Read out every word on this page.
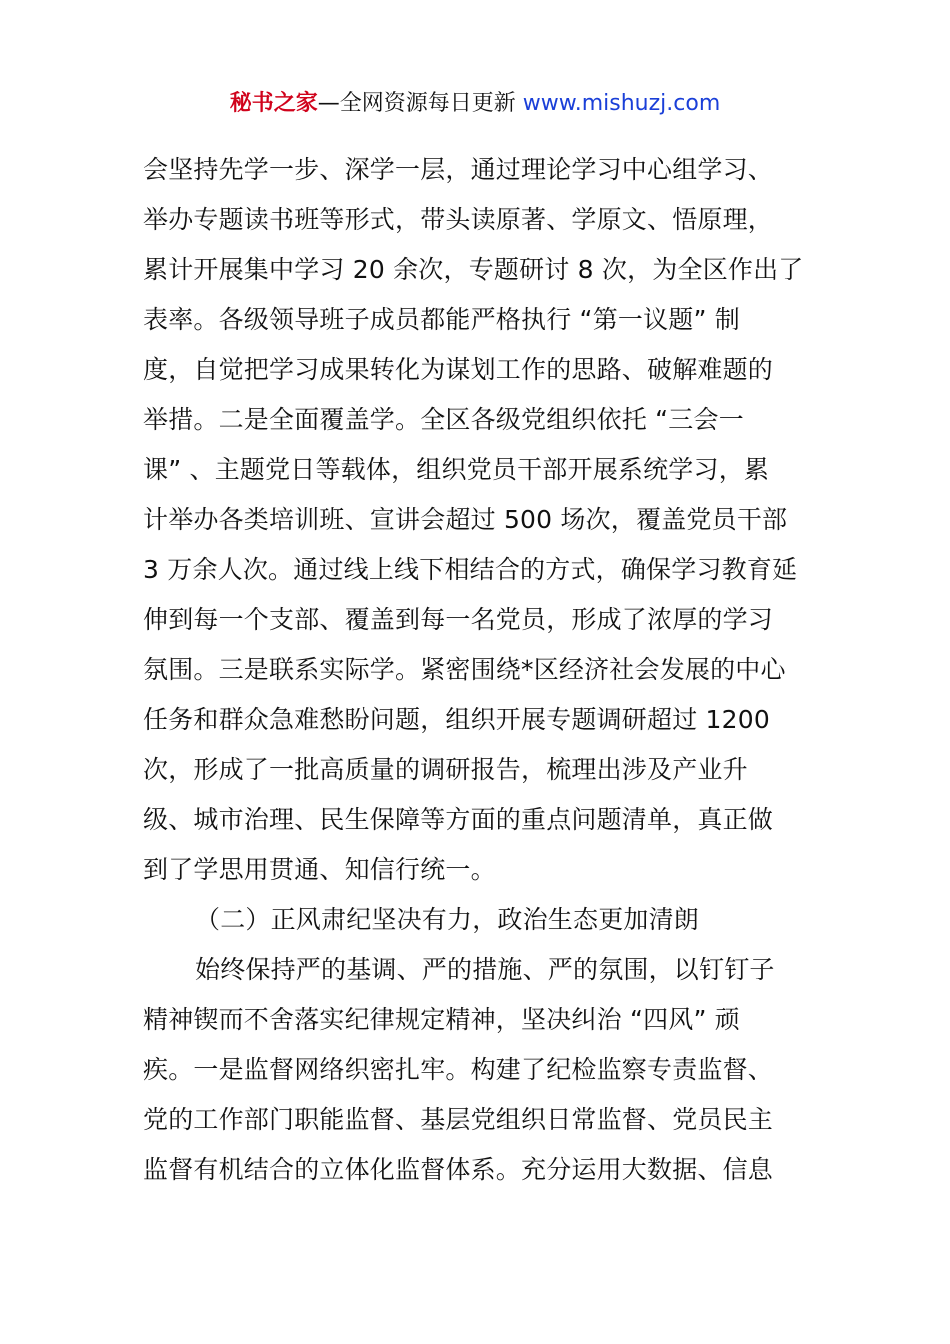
秘书之家—全网资源每日更新 www.mishuzj.com
会坚持先学一步、深学一层，通过理论学习中心组学习、
举办专题读书班等形式，带头读原著、学原文、悟原理，
累计开展集中学习 20 余次，专题研讨 8 次，为全区作出了
表率。各级领导班子成员都能严格执行 “第一议题” 制
度，自觉把学习成果转化为谋划工作的思路、破解难题的
举措。二是全面覆盖学。全区各级党组织依托 “三会一
课” 、主题党日等载体，组织党员干部开展系统学习，累
计举办各类培训班、宣讲会超过 500 场次，覆盖党员干部
3 万余人次。通过线上线下相结合的方式，确保学习教育延
伸到每一个支部、覆盖到每一名党员，形成了浓厚的学习
氛围。三是联系实际学。紧密围绕*区经济社会发展的中心
任务和群众急难愁盼问题，组织开展专题调研超过 1200
次，形成了一批高质量的调研报告，梳理出涉及产业升
级、城市治理、民生保障等方面的重点问题清单，真正做
到了学思用贯通、知信行统一。
（二）正风肃纪坚决有力，政治生态更加清朗
始终保持严的基调、严的措施、严的氛围，以钉钉子
精神锲而不舍落实纪律规定精神，坚决纠治 “四风” 顽
疾。一是监督网络织密扎牢。构建了纪检监察专责监督、
党的工作部门职能监督、基层党组织日常监督、党员民主
监督有机结合的立体化监督体系。充分运用大数据、信息
